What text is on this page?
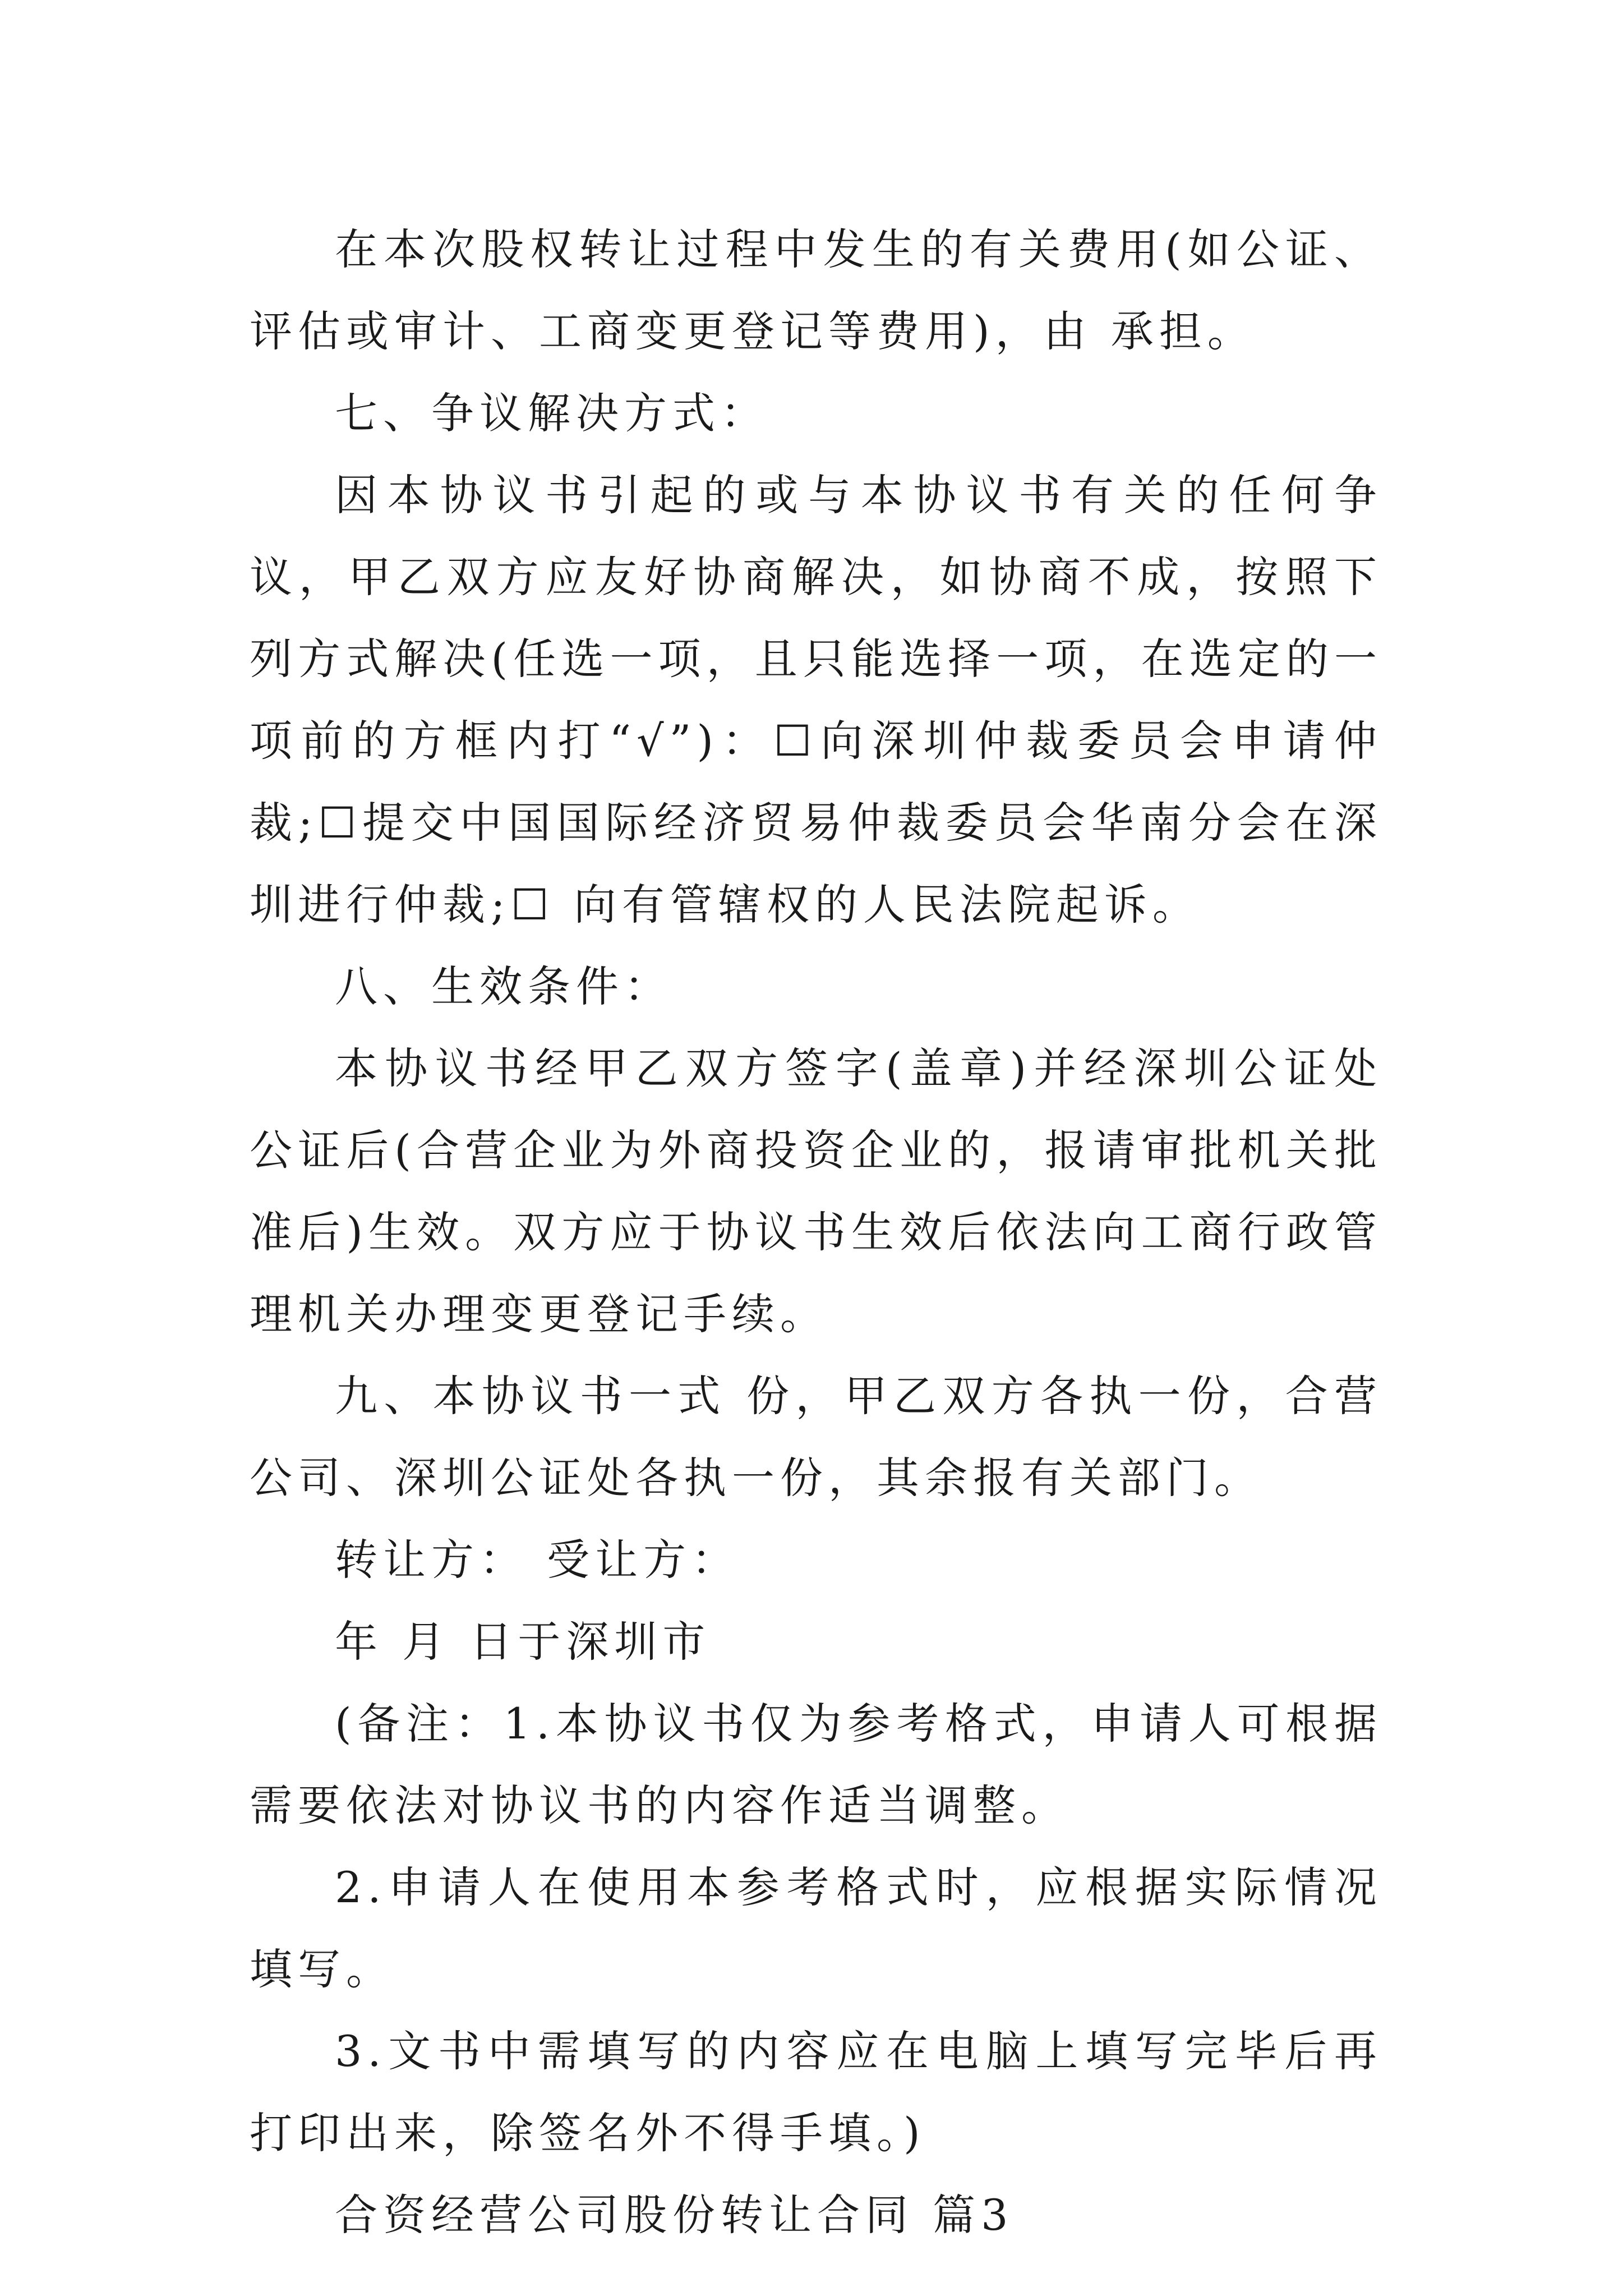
在本次股权转让过程中发生的有关费用(如公证、评估或审计、工商变更登记等费用)，由 承担。

七、争议解决方式：

因本协议书引起的或与本协议书有关的任何争议，甲乙双方应友好协商解决，如协商不成，按照下列方式解决(任选一项，且只能选择一项，在选定的一项前的方框内打“√”)：☐向深圳仲裁委员会申请仲裁;☐提交中国国际经济贸易仲裁委员会华南分会在深圳进行仲裁;☐ 向有管辖权的人民法院起诉。

八、生效条件：

本协议书经甲乙双方签字(盖章)并经深圳公证处公证后(合营企业为外商投资企业的，报请审批机关批准后)生效。双方应于协议书生效后依法向工商行政管理机关办理变更登记手续。

九、本协议书一式 份，甲乙双方各执一份，合营公司、深圳公证处各执一份，其余报有关部门。

转让方： 受让方：

年 月 日于深圳市

(备注：1.本协议书仅为参考格式，申请人可根据需要依法对协议书的内容作适当调整。

2.申请人在使用本参考格式时，应根据实际情况填写。

3.文书中需填写的内容应在电脑上填写完毕后再打印出来，除签名外不得手填。)

合资经营公司股份转让合同 篇3
